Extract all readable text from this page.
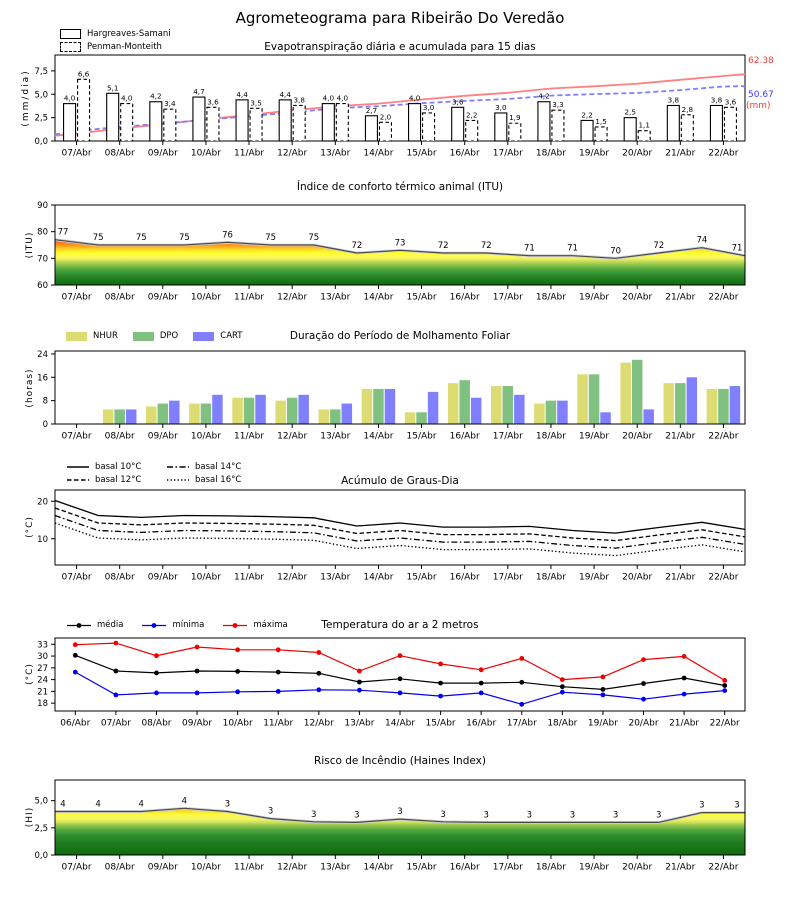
0,0
2,5
5,0
7,5
07/Abr 08/Abr 09/Abr 10/Abr 11/Abr 12/Abr 13/Abr 14/Abr 15/Abr 16/Abr 17/Abr 18/Abr 19/Abr 20/Abr 21/Abr 22/Abr
4,0
6,6
5,1
4,0 4,2
3,4
4,7
3,6
4,4
3,5
4,4
3,8 4,0 4,0
2,7
2,0
4,0
3,0
3,6
2,2
3,0
1,9
4,2
3,3
2,2
1,5
2,5
1,1
3,8
2,8
3,8 3,6
77
75	75	75	76	75	75
72	73	72	72	71	71	70
72
74
71
60
70
80
90
07/Abr 08/Abr 09/Abr 10/Abr 11/Abr 12/Abr 13/Abr 14/Abr 15/Abr 16/Abr 17/Abr 18/Abr 19/Abr 20/Abr 21/Abr 22/Abr
0
8
16
24
07/Abr 08/Abr 09/Abr 10/Abr 11/Abr 12/Abr 13/Abr 14/Abr 15/Abr 16/Abr 17/Abr 18/Abr 19/Abr 20/Abr 21/Abr 22/Abr
10
20
07/Abr 08/Abr 09/Abr 10/Abr 11/Abr 12/Abr 13/Abr 14/Abr 15/Abr 16/Abr 17/Abr 18/Abr 19/Abr 20/Abr 21/Abr 22/Abr
18
21
24
27
30
33
06/Abr 07/Abr 08/Abr 09/Abr 10/Abr 11/Abr 12/Abr 13/Abr 14/Abr 15/Abr 16/Abr 17/Abr 18/Abr 19/Abr 20/Abr 21/Abr 22/Abr
4	4	4	4	3
3	3	3	3	3	3	3	3	3	3
3	3
0,0
2,5
5,0
07/Abr 08/Abr 09/Abr 10/Abr 11/Abr 12/Abr 13/Abr 14/Abr 15/Abr 16/Abr 17/Abr 18/Abr 19/Abr 20/Abr 21/Abr 22/Abr
Agrometeograma para Ribeirão Do Veredão
Evapotranspiração diária e acumulada para 15 dias
(mm/dia)
Hargreaves-Samani
Penman-Monteith
62.38
50.67
(mm)
Índice de conforto térmico animal (ITU)
(ITU)
Duração do Período de Molhamento Foliar
(horas)
NHUR	DPO	CART
Acúmulo de Graus-Dia
(°C)
basal 10°C	basal 14°C
basal 12°C	basal 16°C
Temperatura do ar a 2 metros
(°C)
média	mínima	máxima
Risco de Incêndio (Haines Index)
(HI)
